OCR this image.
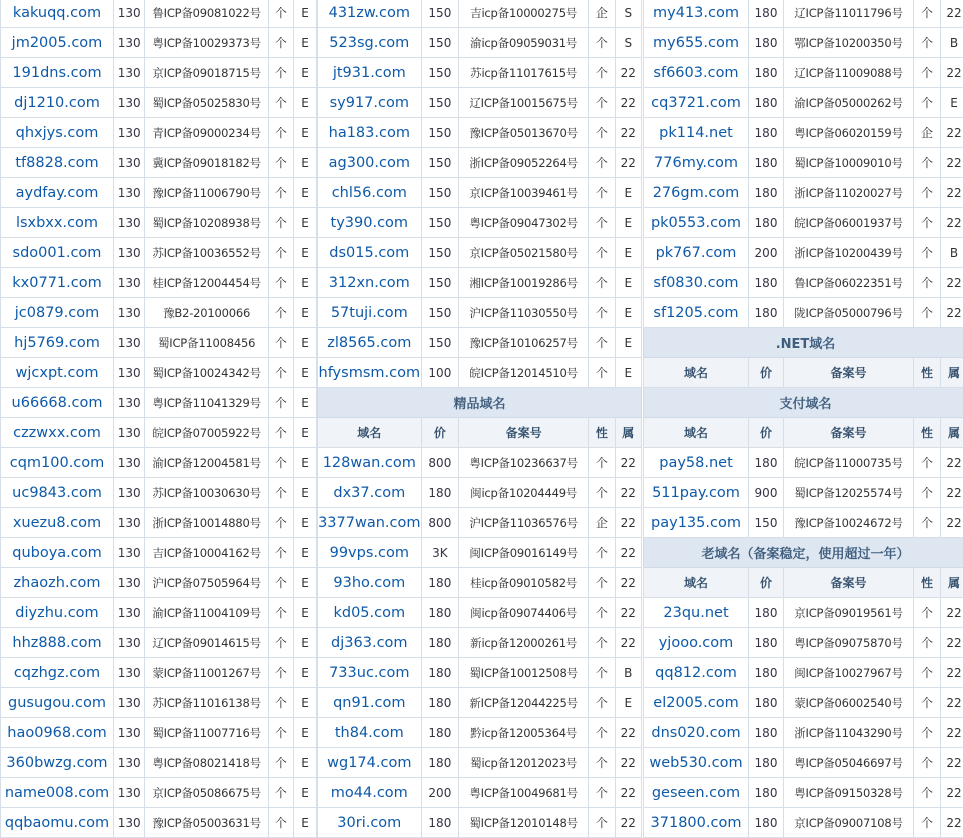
kakuqq.com	130	鲁ICP备09081022号	个	E
jm2005.com	130	粤ICP备10029373号	个	E
191dns.com	130	京ICP备09018715号	个	E
dj1210.com	130	蜀ICP备05025830号	个	E
qhxjys.com	130	青ICP备09000234号	个	E
tf8828.com	130	冀ICP备09018182号	个	E
aydfay.com	130	豫ICP备11006790号	个	E
lsxbxx.com	130	蜀ICP备10208938号	个	E
sdo001.com	130	苏ICP备10036552号	个	E
kx0771.com	130	桂ICP备12004454号	个	E
jc0879.com	130	豫B2-20100066	个	E
hj5769.com	130	蜀ICP备11008456	个	E
wjcxpt.com	130	蜀ICP备10024342号	个	E
u66668.com	130	粤ICP备11041329号	个	E
czzwxx.com	130	皖ICP备07005922号	个	E
cqm100.com	130	渝ICP备12004581号	个	E
uc9843.com	130	苏ICP备10030630号	个	E
xuezu8.com	130	浙ICP备10014880号	个	E
quboya.com	130	吉ICP备10004162号	个	E
zhaozh.com	130	沪ICP备07505964号	个	E
diyzhu.com	130	渝ICP备11004109号	个	E
hhz888.com	130	辽ICP备09014615号	个	E
cqzhgz.com	130	蒙ICP备11001267号	个	E
gusugou.com	130	苏ICP备11016138号	个	E
hao0968.com	130	蜀ICP备11007716号	个	E
360bwzg.com	130	粤ICP备08021418号	个	E
name008.com	130	京ICP备05086675号	个	E
qqbaomu.com	130	豫ICP备05003631号	个	E
431zw.com	150	吉icp备10000275号	企	S
523sg.com	150	渝icp备09059031号	个	S
jt931.com	150	苏icp备11017615号	个	22
sy917.com	150	辽ICP备10015675号	个	22
ha183.com	150	豫ICP备05013670号	个	22
ag300.com	150	浙ICP备09052264号	个	22
chl56.com	150	京ICP备10039461号	个	E
ty390.com	150	粤ICP备09047302号	个	E
ds015.com	150	京ICP备05021580号	个	E
312xn.com	150	湘ICP备10019286号	个	E
57tuji.com	150	沪ICP备11030550号	个	E
zl8565.com	150	豫ICP备10106257号	个	E
hfysmsm.com	100	皖ICP备12014510号	个	E
精品域名				
域名	价	备案号	性	属
128wan.com	800	粤ICP备10236637号	个	22
dx37.com	180	闽icp备10204449号	个	22
3377wan.com	800	沪ICP备11036576号	企	22
99vps.com	3K	闽ICP备09016149号	个	22
93ho.com	180	桂icp备09010582号	个	22
kd05.com	180	闽icp备09074406号	个	22
dj363.com	180	新icp备12000261号	个	22
733uc.com	180	蜀ICP备10012508号	个	B
qn91.com	180	新ICP备12044225号	个	E
th84.com	180	黔icp备12005364号	个	22
wg174.com	180	蜀icp备12012023号	个	22
mo44.com	200	粤ICP备10049681号	个	22
30ri.com	180	蜀ICP备12010148号	个	22
my413.com	180	辽ICP备11011796号	个	22
my655.com	180	鄂ICP备10200350号	个	B
sf6603.com	180	辽ICP备11009088号	个	22
cq3721.com	180	渝ICP备05000262号	个	E
pk114.net	180	粤ICP备06020159号	企	22
776my.com	180	蜀ICP备10009010号	个	22
276gm.com	180	浙ICP备11020027号	个	22
pk0553.com	180	皖ICP备06001937号	个	22
pk767.com	200	浙ICP备10200439号	个	B
sf0830.com	180	鲁ICP备06022351号	个	22
sf1205.com	180	陇ICP备05000796号	个	22
.NET域名				
域名	价	备案号	性	属
支付域名				
域名	价	备案号	性	属
pay58.net	180	皖ICP备11000735号	个	22
511pay.com	900	蜀ICP备12025574号	个	22
pay135.com	150	豫ICP备10024672号	个	22
老域名（备案稳定，使用超过一年）				
域名	价	备案号	性	属
23qu.net	180	京ICP备09019561号	个	22
yjooo.com	180	粤ICP备09075870号	个	22
qq812.com	180	闽ICP备10027967号	个	22
el2005.com	180	蒙ICP备06002540号	个	22
dns020.com	180	浙ICP备11043290号	个	22
web530.com	180	粤ICP备05046697号	个	22
geseen.com	180	粤ICP备09150328号	个	22
371800.com	180	京ICP备09007108号	个	22
